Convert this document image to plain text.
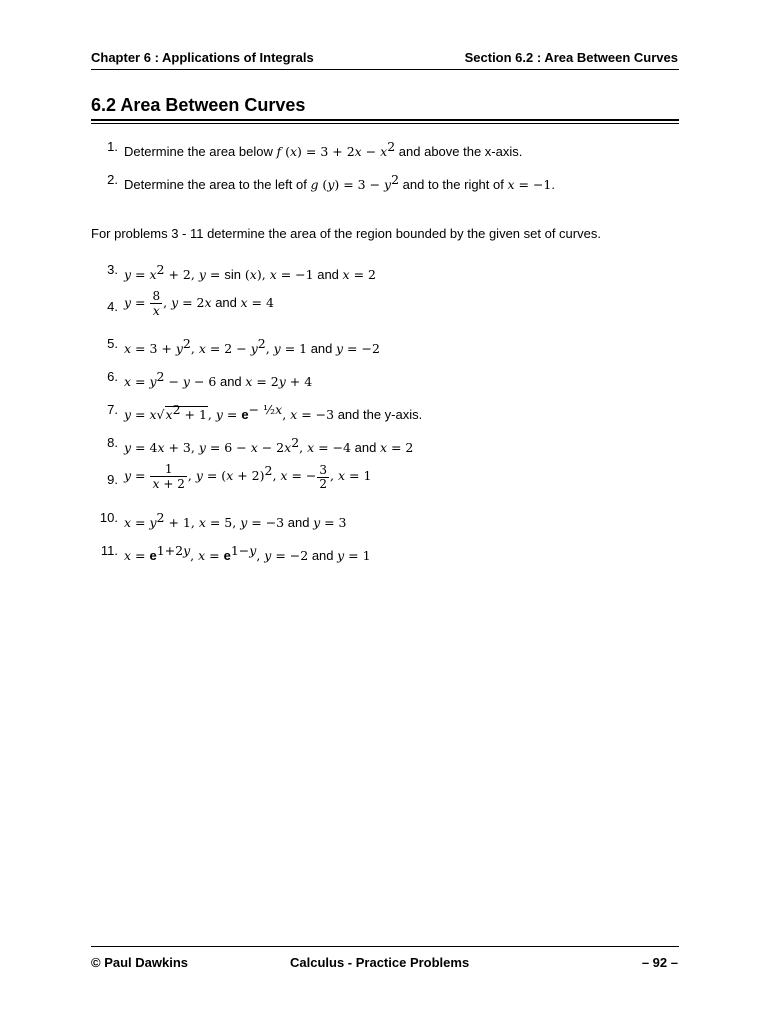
Chapter 6 : Applications of Integrals	Section 6.2 : Area Between Curves
6.2 Area Between Curves
1. Determine the area below f $(x) = 3 + 2x - x^2$ and above the x-axis.
2. Determine the area to the left of g $(y) = 3 - y^2$ and to the right of x = −1.
For problems 3 - 11 determine the area of the region bounded by the given set of curves.
3. $y = x^2 + 2$, y = sin (x), x = −1 and x = 2
4. $y = \frac{8}{x}$ , y = 2x and x = 4
5. $x = 3 + y^2$, $x = 2 - y^2$, y = 1 and y = −2
6. $x = y^2 - y - 6$ and x = 2y + 4
7. $y = x√x^2 + 1$, $y = e^{- \frac{1}{2}x}$, x = −3 and the y-axis.
8. y = 4x + 3, $y = 6 - x - 2x^2$, x = −4 and x = 2
9. $y = \frac{1}{x + 2}$ , $y = (x + 2)^2$, x = − $\frac{3}{2}$ , x = 1
10. $x = y^2 + 1$, x = 5, y = −3 and y = 3
11. $x = e^{1+2y}$, $x = e^{1-y}$, y = −2 and y = 1
© Paul Dawkins	Calculus - Practice Problems	– 92 –
